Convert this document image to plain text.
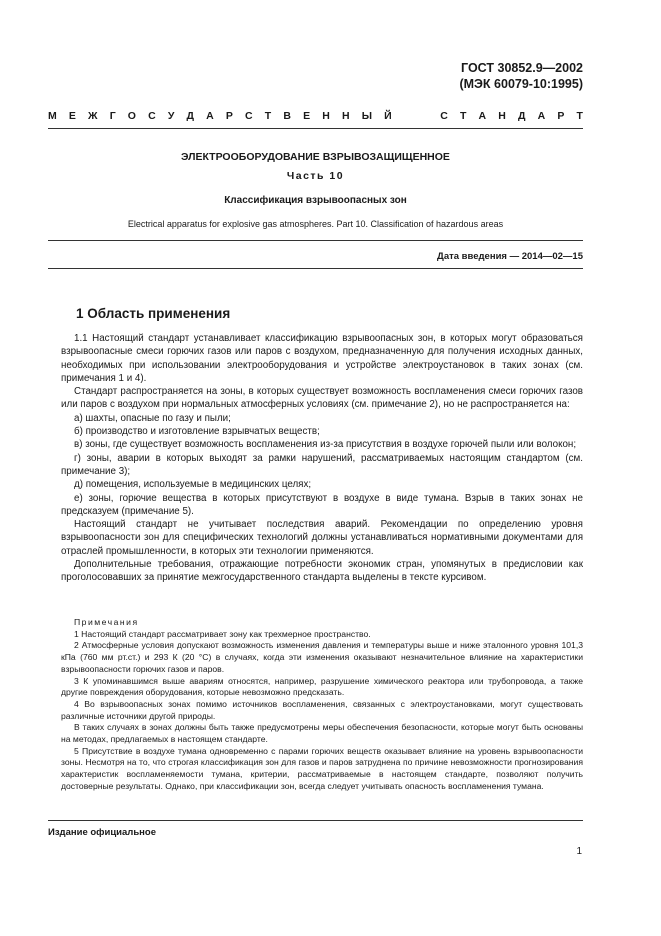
ГОСТ 30852.9—2002
(МЭК 60079-10:1995)
М Е Ж Г О С У Д А Р С Т В Е Н Н Ы Й	С Т А Н Д А Р Т
ЭЛЕКТРООБОРУДОВАНИЕ ВЗРЫВОЗАЩИЩЕННОЕ
Часть 10
Классификация взрывоопасных зон
Electrical apparatus for explosive gas atmospheres. Part 10. Classification of hazardous areas
Дата введения — 2014—02—15
1 Область применения

1.1 Настоящий стандарт устанавливает классификацию взрывоопасных зон, в которых могут образоваться взрывоопасные смеси горючих газов или паров с воздухом, предназначенную для получения исходных данных, необходимых при использовании электрооборудования и устройстве электроустановок в таких зонах (см. примечания 1 и 4).

Стандарт распространяется на зоны, в которых существует возможность воспламенения смеси горючих газов или паров с воздухом при нормальных атмосферных условиях (см. примечание 2), но не распространяется на:

а) шахты, опасные по газу и пыли;

б) производство и изготовление взрывчатых веществ;

в) зоны, где существует возможность воспламенения из-за присутствия в воздухе горючей пыли или волокон;

г) зоны, аварии в которых выходят за рамки нарушений, рассматриваемых настоящим стандартом (см. примечание 3);

д) помещения, используемые в медицинских целях;

е) зоны, горючие вещества в которых присутствуют в воздухе в виде тумана. Взрыв в таких зонах не предсказуем (примечание 5).

Настоящий стандарт не учитывает последствия аварий. Рекомендации по определению уровня взрывоопасности зон для специфических технологий должны устанавливаться нормативными документами для отраслей промышленности, в которых эти технологии применяются.

Дополнительные требования, отражающие потребности экономик стран, упомянутых в предисловии как проголосовавших за принятие межгосударственного стандарта выделены в тексте курсивом.

Примечания

1 Настоящий стандарт рассматривает зону как трехмерное пространство.

2 Атмосферные условия допускают возможность изменения давления и температуры выше и ниже эталонного уровня 101,3 кПа (760 мм рт.ст.) и 293 К (20 °С) в случаях, когда эти изменения оказывают незначительное влияние на характеристики взрывоопасности горючих газов и паров.

3 К упоминавшимся выше авариям относятся, например, разрушение химического реактора или трубопровода, а также другие повреждения оборудования, которые невозможно предсказать.

4 Во взрывоопасных зонах помимо источников воспламенения, связанных с электроустановками, могут существовать различные источники другой природы.

В таких случаях в зонах должны быть также предусмотрены меры обеспечения безопасности, которые могут быть основаны на методах, предлагаемых в настоящем стандарте.

5 Присутствие в воздухе тумана одновременно с парами горючих веществ оказывает влияние на уровень взрывоопасности зоны. Несмотря на то, что строгая классификация зон для газов и паров затруднена по причине невозможности прогнозирования характеристик воспламеняемости тумана, критерии, рассматриваемые в настоящем стандарте, позволяют получить достоверные результаты. Однако, при классификации зон, всегда следует учитывать опасность воспламенения тумана.

Издание официальное
1
